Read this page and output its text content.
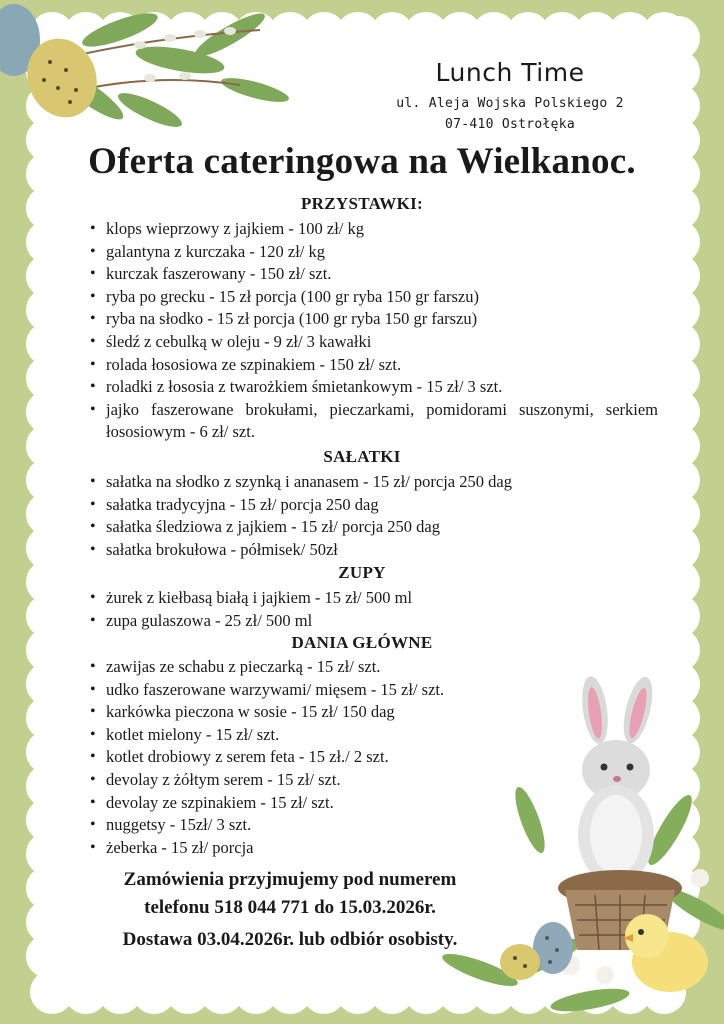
Lunch Time
ul. Aleja Wojska Polskiego 2
07-410 Ostrołęka
Oferta cateringowa na Wielkanoc.
PRZYSTAWKI:
• klops wieprzowy z jajkiem - 100 zł/ kg
• galantyna z kurczaka - 120 zł/ kg
• kurczak faszerowany - 150 zł/ szt.
• ryba po grecku - 15 zł porcja (100 gr ryba 150 gr farszu)
• ryba na słodko - 15 zł porcja (100 gr ryba 150 gr farszu)
• śledź z cebulką w oleju - 9 zł/ 3 kawałki
• rolada łososiowa ze szpinakiem - 150 zł/ szt.
• roladki z łososia z twarożkiem śmietankowym - 15 zł/ 3 szt.
• jajko faszerowane brokułami, pieczarkami, pomidorami suszonymi, serkiem łososiowym - 6 zł/ szt.
SAŁATKI
• sałatka na słodko z szynką i ananasem - 15 zł/ porcja 250 dag
• sałatka tradycyjna - 15 zł/ porcja 250 dag
• sałatka śledziowa z jajkiem - 15 zł/ porcja 250 dag
• sałatka brokułowa - półmisek/ 50zł
ZUPY
• żurek z kiełbasą białą i jajkiem - 15 zł/ 500 ml
• zupa gulaszowa - 25 zł/ 500 ml
DANIA GŁÓWNE
• zawijas ze schabu z pieczarką - 15 zł/ szt.
• udko faszerowane warzywami/ mięsem - 15 zł/ szt.
• karkówka pieczona w sosie - 15 zł/ 150 dag
• kotlet mielony - 15 zł/ szt.
• kotlet drobiowy z serem feta - 15 zł./ 2 szt.
• devolay z żółtym serem - 15 zł/ szt.
• devolay ze szpinakiem - 15 zł/ szt.
• nuggetsy - 15zł/ 3 szt.
• żeberka - 15 zł/ porcja
Zamówienia przyjmujemy pod numerem
telefonu 518 044 771 do 15.03.2026r.
Dostawa 03.04.2026r. lub odbiór osobisty.
